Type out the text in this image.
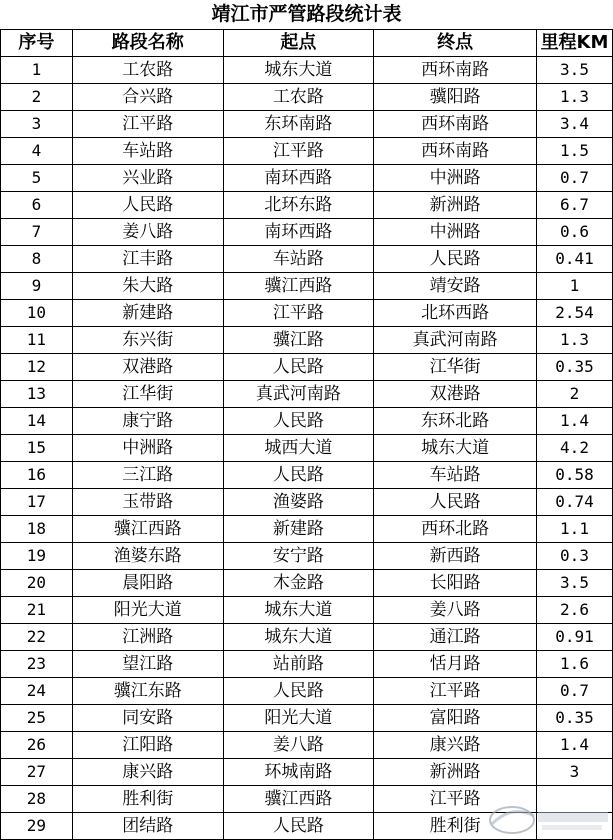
靖江市严管路段统计表
序号	路段名称	起点	终点	里程KM
1	工农路	城东大道	西环南路	3.5
2	合兴路	工农路	骥阳路	1.3
3	江平路	东环南路	西环南路	3.4
4	车站路	江平路	西环南路	1.5
5	兴业路	南环西路	中洲路	0.7
6	人民路	北环东路	新洲路	6.7
7	姜八路	南环西路	中洲路	0.6
8	江丰路	车站路	人民路	0.41
9	朱大路	骥江西路	靖安路	1
10	新建路	江平路	北环西路	2.54
11	东兴街	骥江路	真武河南路	1.3
12	双港路	人民路	江华街	0.35
13	江华街	真武河南路	双港路	2
14	康宁路	人民路	东环北路	1.4
15	中洲路	城西大道	城东大道	4.2
16	三江路	人民路	车站路	0.58
17	玉带路	渔婆路	人民路	0.74
18	骥江西路	新建路	西环北路	1.1
19	渔婆东路	安宁路	新西路	0.3
20	晨阳路	木金路	长阳路	3.5
21	阳光大道	城东大道	姜八路	2.6
22	江洲路	城东大道	通江路	0.91
23	望江路	站前路	恬月路	1.6
24	骥江东路	人民路	江平路	0.7
25	同安路	阳光大道	富阳路	0.35
26	江阳路	姜八路	康兴路	1.4
27	康兴路	环城南路	新洲路	3
28	胜利街	骥江西路	江平路	
29	团结路	人民路	胜利街	
